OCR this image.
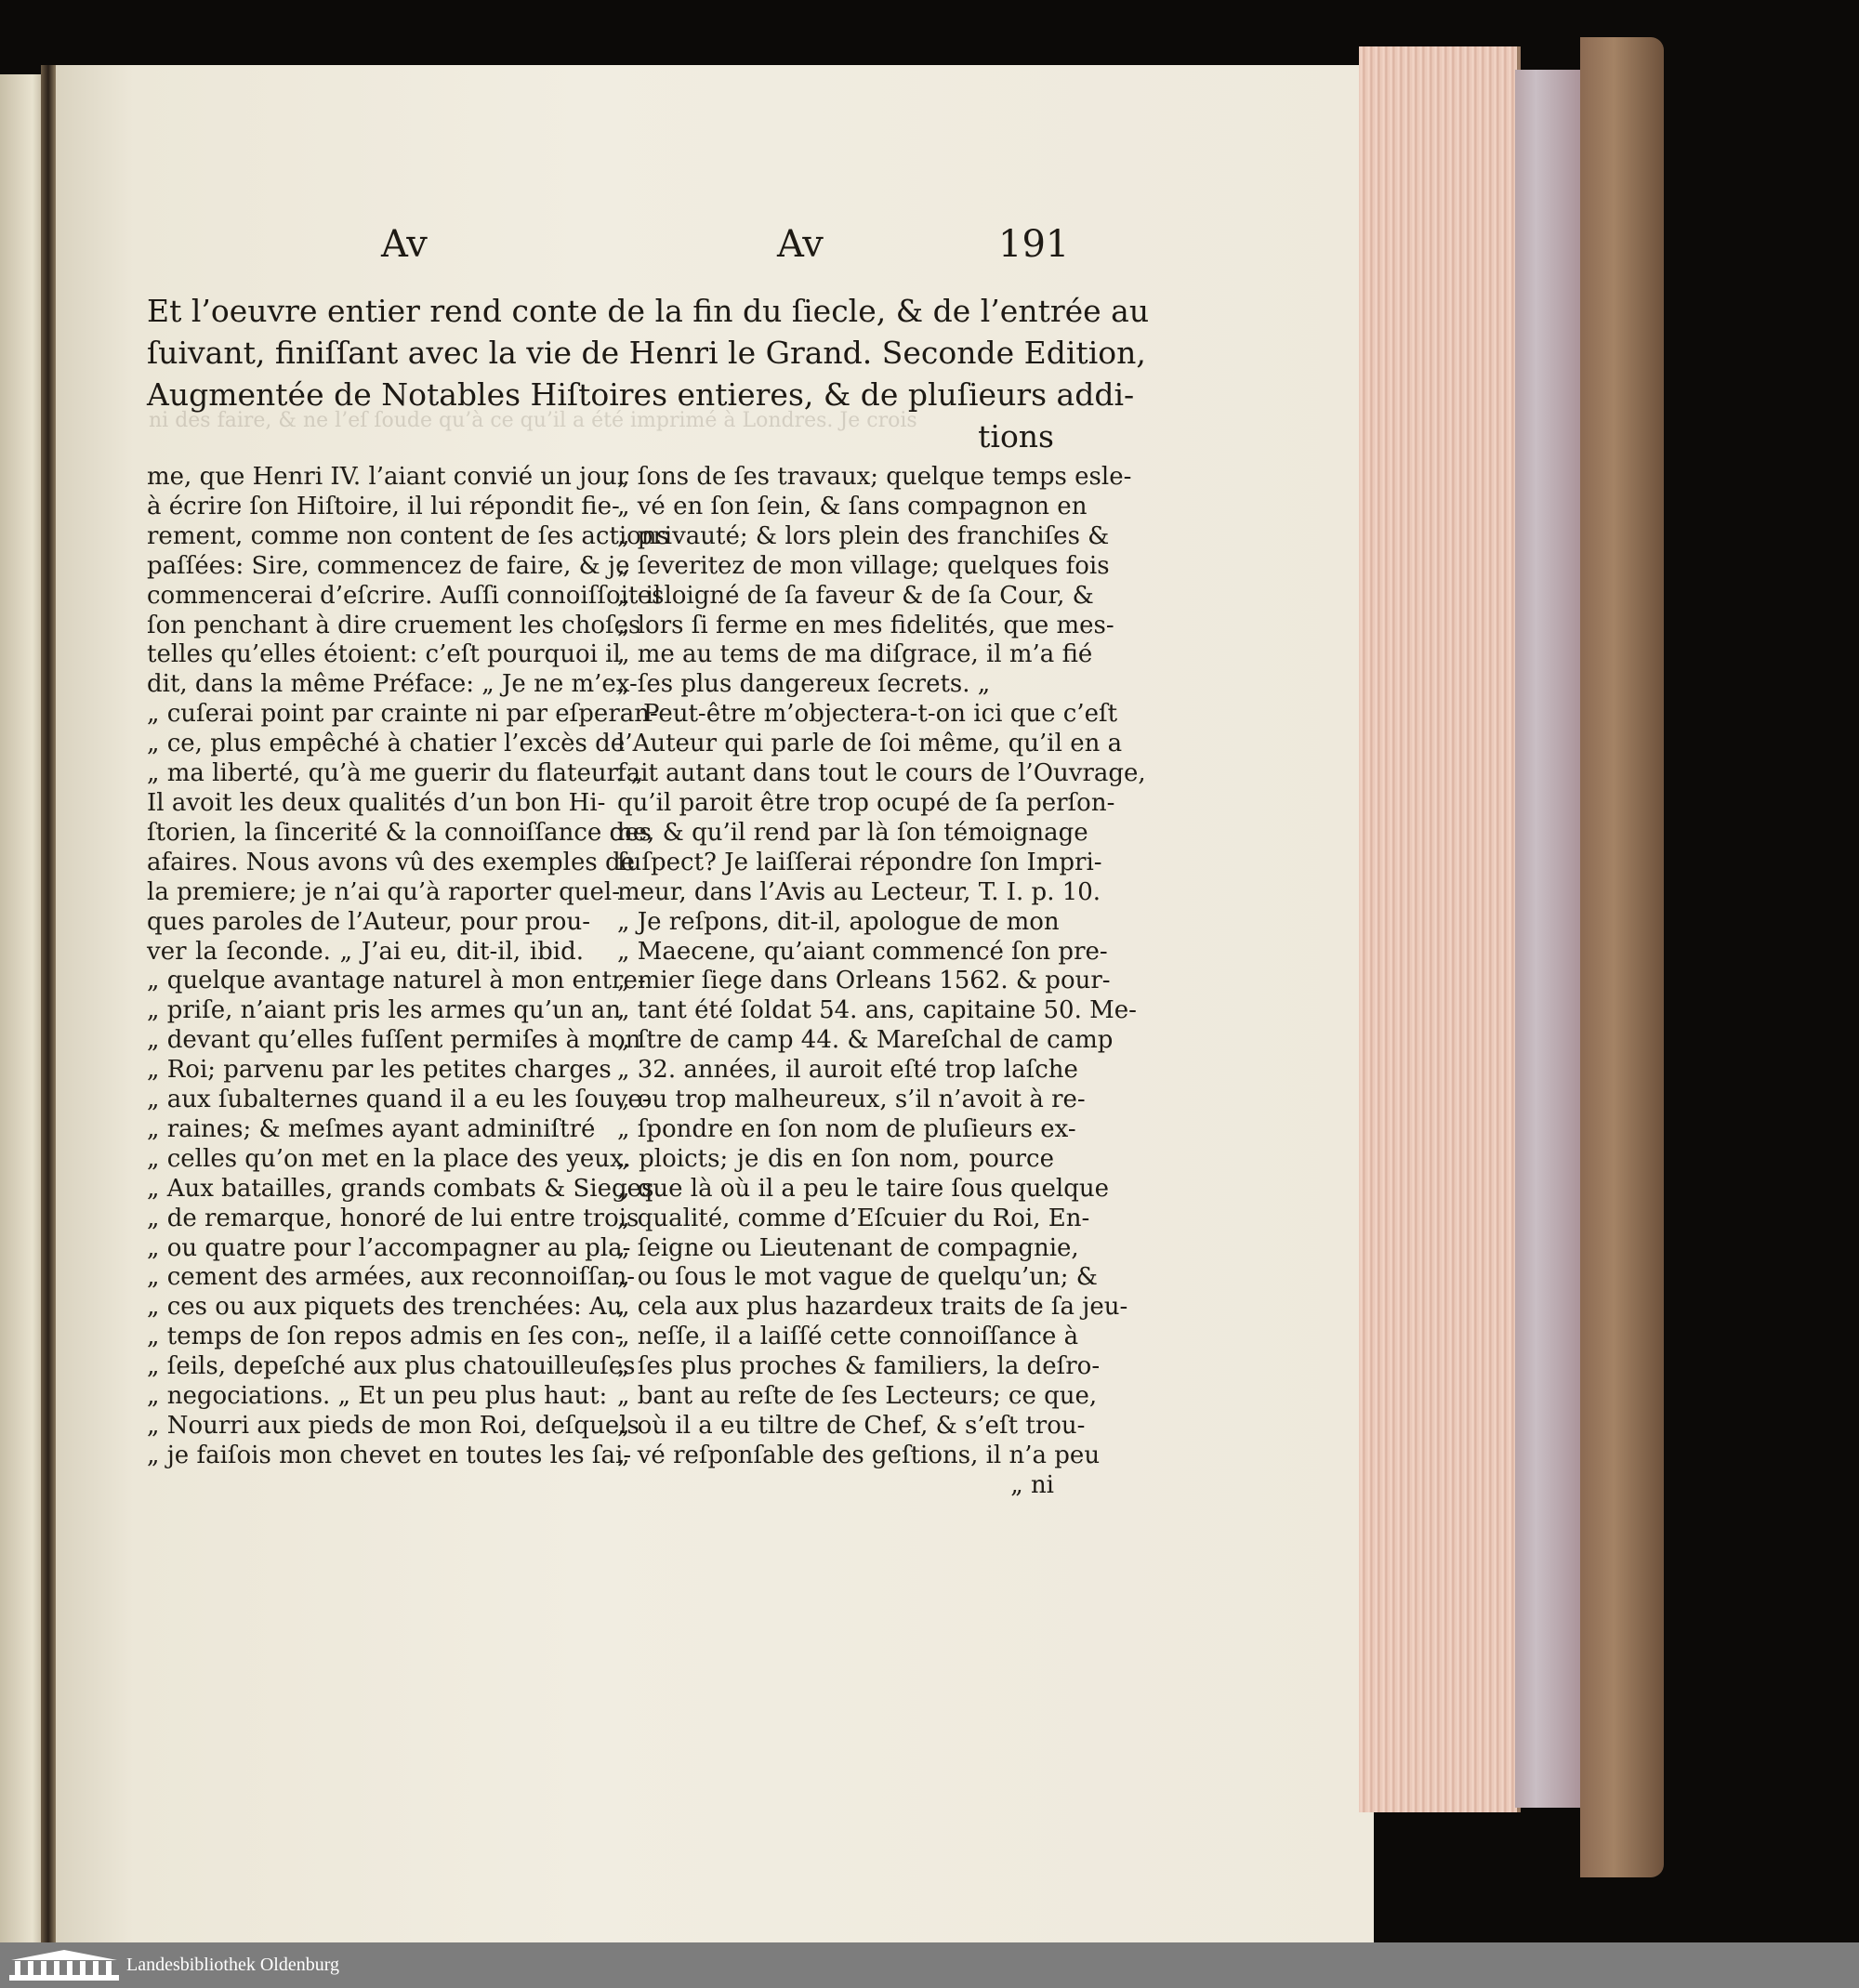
Av	Av	191
Et l’oeuvre entier rend conte de la fin du ſiecle, & de l’entrée au
ſuivant, finiſſant avec la vie de Henri le Grand. Seconde Edition,
Augmentée de Notables Hiſtoires entieres, & de pluſieurs addi-
tions
ni des faire, & ne l’eſ ſoude qu’à ce qu’il a été imprimé à Londres. Je crois
me, que Henri IV. l’aiant convié un jour
à écrire ſon Hiſtoire, il lui répondit fie-
rement, comme non content de ſes actions
paſſées: Sire, commencez de faire, & je
commencerai d’eſcrire. Auſſi connoiſſoit il
ſon penchant à dire cruement les choſes
telles qu’elles étoient: c’eſt pourquoi il
dit, dans la même Préface: „ Je ne m’ex-
„ cuſerai point par crainte ni par eſperan-
„ ce, plus empêché à chatier l’excès de
„ ma liberté, qu’à me guerir du flateur. „
Il avoit les deux qualités d’un bon Hi-
ſtorien, la ſincerité & la connoiſſance des
afaires. Nous avons vû des exemples de
la premiere; je n’ai qu’à raporter quel-
ques paroles de l’Auteur, pour prou-
ver la ſeconde. „ J’ai eu, dit-il, ibid.
„ quelque avantage naturel à mon entre-
„ priſe, n’aiant pris les armes qu’un an
„ devant qu’elles fuſſent permiſes à mon
„ Roi; parvenu par les petites charges
„ aux ſubalternes quand il a eu les ſouve-
„ raines; & meſmes ayant adminiſtré
„ celles qu’on met en la place des yeux.
„ Aux batailles, grands combats & Sieges
„ de remarque, honoré de lui entre trois
„ ou quatre pour l’accompagner au pla-
„ cement des armées, aux reconnoiſſan-
„ ces ou aux piquets des trenchées: Au
„ temps de ſon repos admis en ſes con-
„ ſeils, depeſché aux plus chatouilleuſes
„ negociations. „ Et un peu plus haut:
„ Nourri aux pieds de mon Roi, deſquels
„ je faiſois mon chevet en toutes les ſai-
„ ſons de ſes travaux; quelque temps esle-
„ vé en ſon ſein, & ſans compagnon en
„ privauté; & lors plein des franchiſes &
„ ſeveritez de mon village; quelques fois
„ esloigné de ſa faveur & de ſa Cour, &
„ lors ſi ferme en mes fidelités, que mes-
„ me au tems de ma diſgrace, il m’a fié
„ ſes plus dangereux ſecrets. „
Peut-être m’objectera-t-on ici que c’eſt
l’Auteur qui parle de ſoi même, qu’il en a
fait autant dans tout le cours de l’Ouvrage,
qu’il paroit être trop ocupé de ſa perſon-
ne, & qu’il rend par là ſon témoignage
ſuſpect? Je laiſſerai répondre ſon Impri-
meur, dans l’Avis au Lecteur, T. I. p. 10.
„ Je reſpons, dit-il, apologue de mon
„ Maecene, qu’aiant commencé ſon pre-
„ mier ſiege dans Orleans 1562. & pour-
„ tant été ſoldat 54. ans, capitaine 50. Me-
„ ſtre de camp 44. & Mareſchal de camp
„ 32. années, il auroit eſté trop laſche
„ ou trop malheureux, s’il n’avoit à re-
„ ſpondre en ſon nom de pluſieurs ex-
„ ploicts; je dis en ſon nom, pource
„ que là où il a peu le taire ſous quelque
„ qualité, comme d’Eſcuier du Roi, En-
„ ſeigne ou Lieutenant de compagnie,
„ ou ſous le mot vague de quelqu’un; &
„ cela aux plus hazardeux traits de ſa jeu-
„ neſſe, il a laiſſé cette connoiſſance à
„ ſes plus proches & familiers, la deſro-
„ bant au reſte de ſes Lecteurs; ce que,
„ où il a eu tiltre de Chef, & s’eſt trou-
„ vé reſponſable des geſtions, il n’a peu
„ ni
Landesbibliothek Oldenburg
